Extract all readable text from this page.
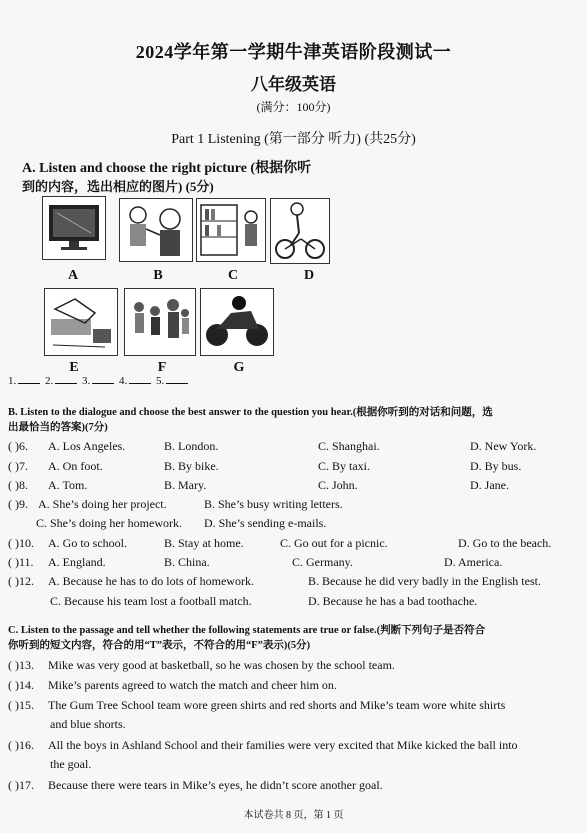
2024学年第一学期牛津英语阶段测试一
八年级英语
(满分：100分)
Part 1 Listening (第一部分 听力) (共25分)
A. Listen and choose the right picture (根据你听
到的内容，选出相应的图片) (5分)
A	B	C	D
E	F	G
1.	2.	3.	4.	5.
B. Listen to the dialogue and choose the best answer to the question you hear.(根据你听到的对话和问题，选
出最恰当的答案)(7分)
( )6. A. Los Angeles.	B. London.	C. Shanghai.	D. New York.
( )7. A. On foot.	B. By bike.	C. By taxi.	D. By bus.
( )8. A. Tom.	B. Mary.	C. John.	D. Jane.
( )9. A. She’s doing her project.	B. She’s busy writing letters.
C. She’s doing her homework. D. She’s sending e-mails.
( )10. A. Go to school.	B. Stay at home.	C. Go out for a picnic.	D. Go to the beach.
( )11. A. England.	B. China.	C. Germany.	D. America.
( )12. A. Because he has to do lots of homework.	B. Because he did very badly in the English test.
C. Because his team lost a football match.	D. Because he has a bad toothache.
C. Listen to the passage and tell whether the following statements are true or false.(判断下列句子是否符合
你听到的短文内容，符合的用“T”表示，不符合的用“F”表示)(5分)
( )13. Mike was very good at basketball, so he was chosen by the school team.
( )14. Mike’s parents agreed to watch the match and cheer him on.
( )15. The Gum Tree School team wore green shirts and red shorts and Mike’s team wore white shirts
and blue shorts.
( )16. All the boys in Ashland School and their families were very excited that Mike kicked the ball into
the goal.
( )17. Because there were tears in Mike’s eyes, he didn’t score another goal.
本试卷共 8 页，第 1 页
